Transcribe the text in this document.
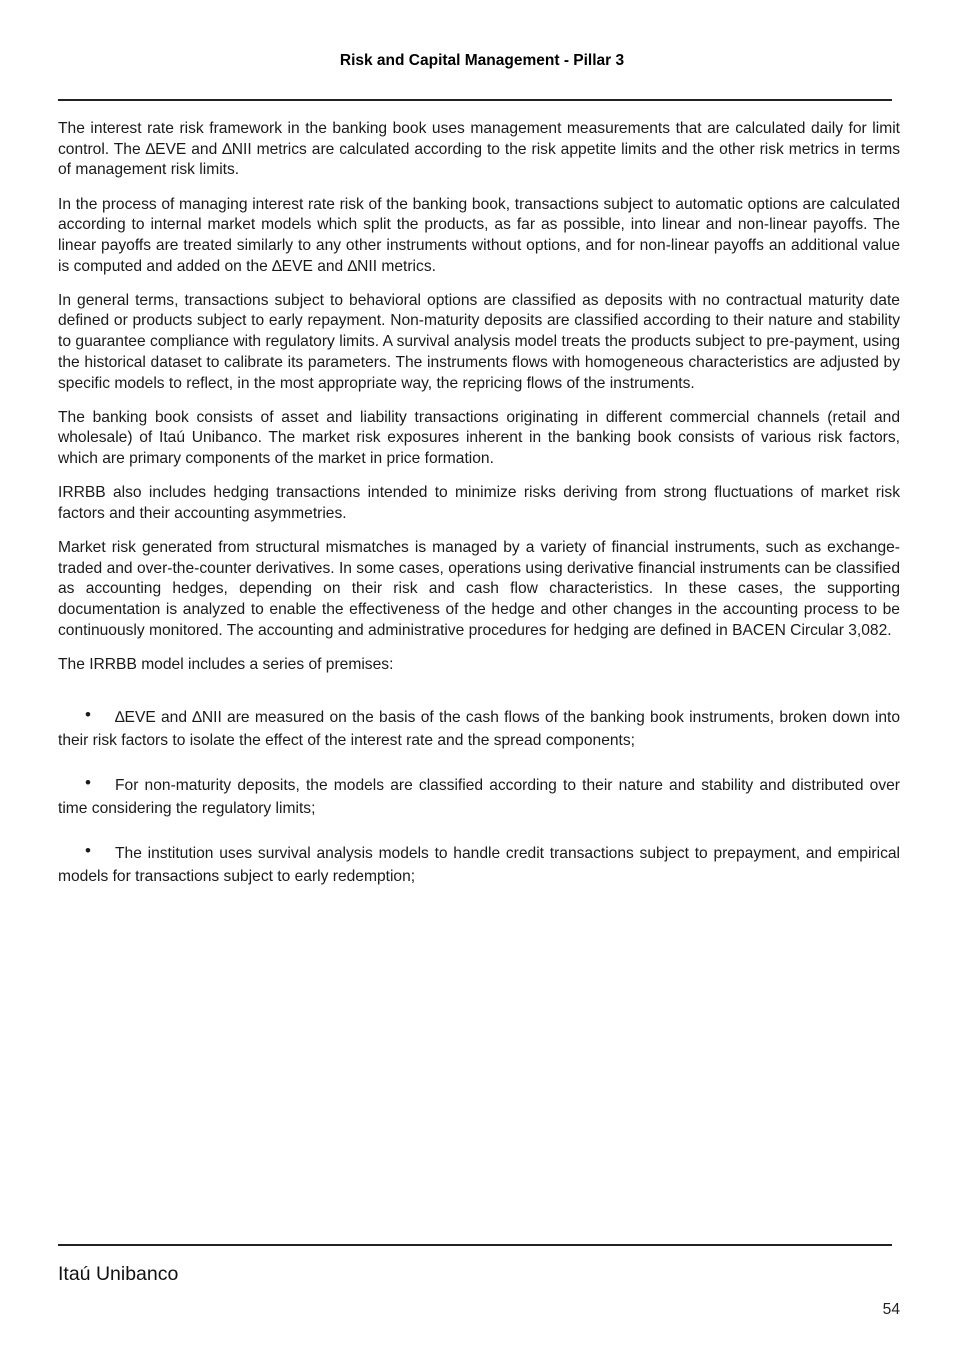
Risk and Capital Management - Pillar 3

The interest rate risk framework in the banking book uses management measurements that are calculated daily for limit control. The ∆EVE and ∆NII metrics are calculated according to the risk appetite limits and the other risk metrics in terms of management risk limits.

In the process of managing interest rate risk of the banking book, transactions subject to automatic options are calculated according to internal market models which split the products, as far as possible, into linear and non-linear payoffs. The linear payoffs are treated similarly to any other instruments without options, and for non-linear payoffs an additional value is computed and added on the ∆EVE and ∆NII metrics.

In general terms, transactions subject to behavioral options are classified as deposits with no contractual maturity date defined or products subject to early repayment. Non-maturity deposits are classified according to their nature and stability to guarantee compliance with regulatory limits. A survival analysis model treats the products subject to pre-payment, using the historical dataset to calibrate its parameters. The instruments flows with homogeneous characteristics are adjusted by specific models to reflect, in the most appropriate way, the repricing flows of the instruments.

The banking book consists of asset and liability transactions originating in different commercial channels (retail and wholesale) of Itaú Unibanco. The market risk exposures inherent in the banking book consists of various risk factors, which are primary components of the market in price formation.

IRRBB also includes hedging transactions intended to minimize risks deriving from strong fluctuations of market risk factors and their accounting asymmetries.

Market risk generated from structural mismatches is managed by a variety of financial instruments, such as exchange-traded and over-the-counter derivatives. In some cases, operations using derivative financial instruments can be classified as accounting hedges, depending on their risk and cash flow characteristics. In these cases, the supporting documentation is analyzed to enable the effectiveness of the hedge and other changes in the accounting process to be continuously monitored. The accounting and administrative procedures for hedging are defined in BACEN Circular 3,082.

The IRRBB model includes a series of premises:

• ∆EVE and ∆NII are measured on the basis of the cash flows of the banking book instruments, broken down into their risk factors to isolate the effect of the interest rate and the spread components;
• For non-maturity deposits, the models are classified according to their nature and stability and distributed over time considering the regulatory limits;
• The institution uses survival analysis models to handle credit transactions subject to prepayment, and empirical models for transactions subject to early redemption;
Itaú Unibanco
54
